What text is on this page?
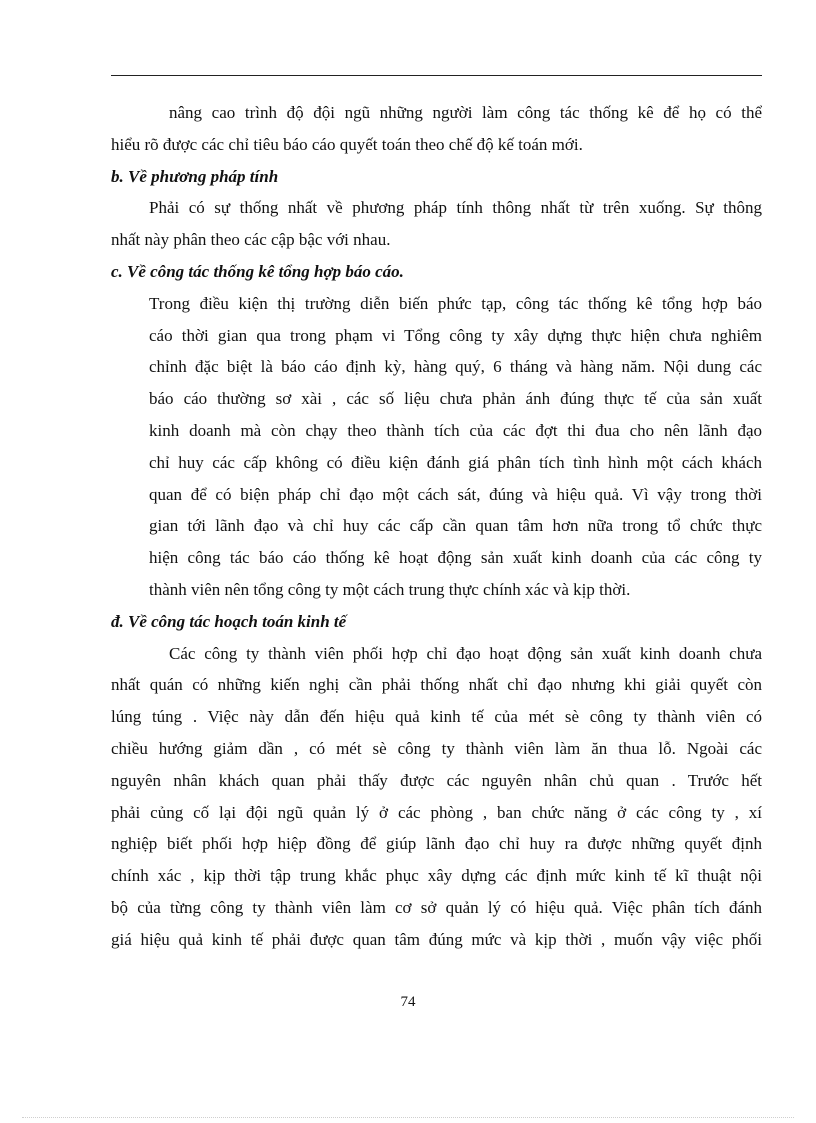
nâng cao trình độ đội ngũ những người làm công tác thống kê để họ có thể
hiểu rõ được các chỉ tiêu báo cáo quyết toán theo chế độ kế toán mới.
b. Về phương pháp tính
Phải có sự thống nhất về phương pháp tính thông nhất từ trên xuống. Sự thông
nhất này phân theo các cập bậc với nhau.
c. Về công tác thống kê tổng hợp báo cáo.
Trong điều kiện thị trường diễn biến phức tạp, công tác thống kê tổng hợp báo
cáo thời gian qua trong phạm vi Tổng công ty xây dựng thực hiện chưa nghiêm
chỉnh đặc biệt là báo cáo định kỳ, hàng quý, 6 tháng và hàng năm. Nội dung các
báo cáo thường sơ xài , các số liệu chưa phản ánh đúng thực tế của sản xuất
kinh doanh mà còn chạy theo thành tích của các đợt thi đua cho nên lãnh đạo
chỉ huy các cấp không có điều kiện đánh giá phân tích tình hình một cách khách
quan để có biện pháp chỉ đạo một cách sát, đúng và hiệu quả. Vì vậy trong thời
gian tới lãnh đạo và chỉ huy các cấp cần quan tâm hơn nữa trong tổ chức thực
hiện công tác báo cáo thống kê hoạt động sản xuất kinh doanh của các công ty
thành viên nên tổng công ty một cách trung thực chính xác và kịp thời.
đ. Về công tác hoạch toán kinh tế
Các công ty thành viên phối hợp chỉ đạo hoạt động sản xuất kinh doanh chưa
nhất quán có những kiến nghị cần phải thống nhất chỉ đạo nhưng khi giải quyết còn
lúng túng . Việc này dẫn đến hiệu quả kinh tế của mét sè công ty thành viên có
chiều hướng giảm dần , có mét sè công ty thành viên làm ăn thua lỗ. Ngoài các
nguyên nhân khách quan phải thấy được các nguyên nhân chủ quan . Trước hết
phải củng cố lại đội ngũ quản lý ở các phòng , ban chức năng ở các công ty , xí
nghiệp biết phối hợp hiệp đồng để giúp lãnh đạo chỉ huy ra được những quyết định
chính xác , kịp thời tập trung khắc phục xây dựng các định mức kinh tế kĩ thuật nội
bộ của từng công ty thành viên làm cơ sở quản lý có hiệu quả. Việc phân tích đánh
giá hiệu quả kinh tế phải được quan tâm đúng mức và kịp thời , muốn vậy việc phối
74
